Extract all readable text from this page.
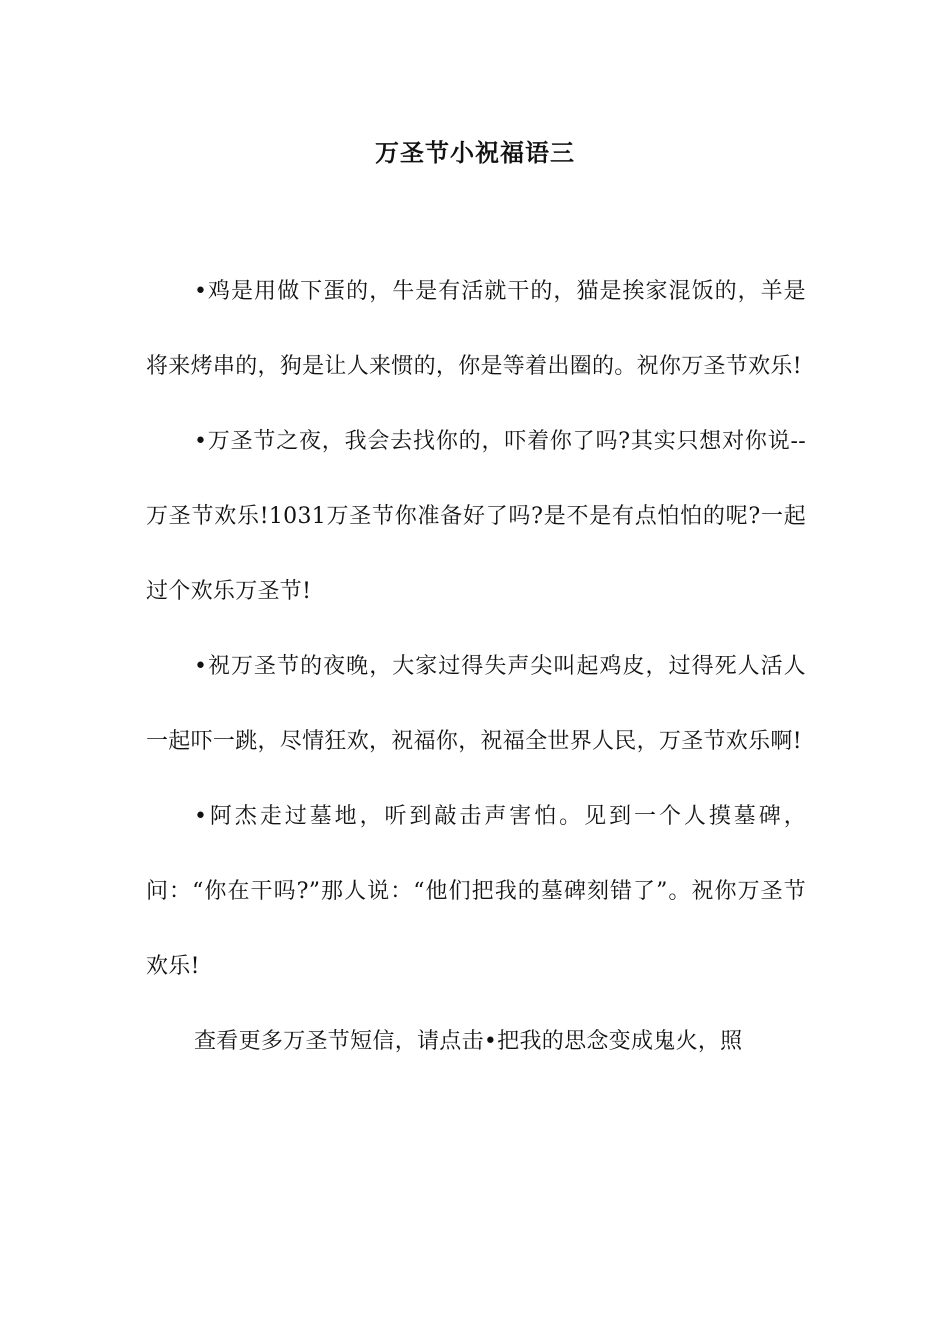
万圣节小祝福语三

•鸡是用做下蛋的，牛是有活就干的，猫是挨家混饭的，羊是将来烤串的，狗是让人来惯的，你是等着出圈的。祝你万圣节欢乐!

•万圣节之夜，我会去找你的，吓着你了吗?其实只想对你说--万圣节欢乐!1031万圣节你准备好了吗?是不是有点怕怕的呢?一起过个欢乐万圣节!

•祝万圣节的夜晚，大家过得失声尖叫起鸡皮，过得死人活人一起吓一跳，尽情狂欢，祝福你，祝福全世界人民，万圣节欢乐啊!

•阿杰走过墓地，听到敲击声害怕。见到一个人摸墓碑，问：“你在干吗?”那人说：“他们把我的墓碑刻错了”。祝你万圣节欢乐!

查看更多万圣节短信，请点击•把我的思念变成鬼火，照
